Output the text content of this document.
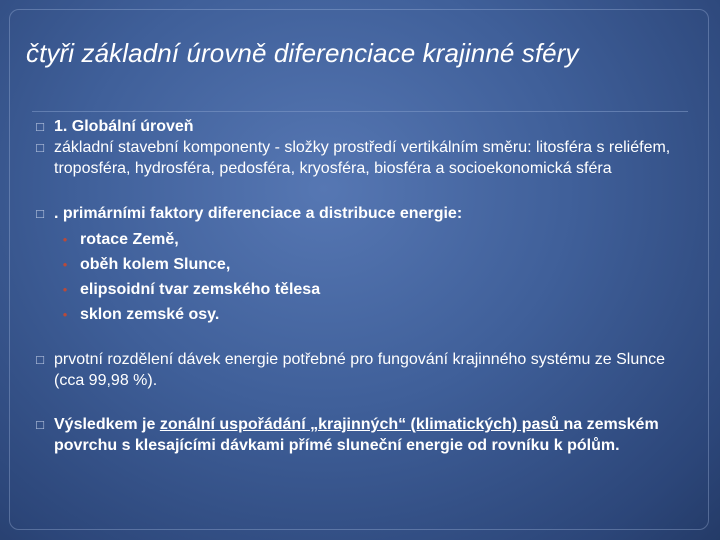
čtyři základní úrovně diferenciace krajinné sféry
□ 1. Globální úroveň

□ základní stavební komponenty - složky prostředí vertikálním směru: litosféra s reliéfem, troposféra, hydrosféra, pedosféra, kryosféra, biosféra a socioekonomická sféra

□ . primárními faktory diferenciace a distribuce energie:

• rotace Země,
• oběh kolem Slunce,
• elipsoidní tvar zemského tělesa
• sklon zemské osy.
□ prvotní rozdělení dávek energie potřebné pro fungování krajinného systému ze Slunce (cca 99,98 %).

□ Výsledkem je zonální uspořádání „krajinných“ (klimatických) pasů na zemském povrchu s klesajícími dávkami přímé sluneční energie od rovníku k pólům.
